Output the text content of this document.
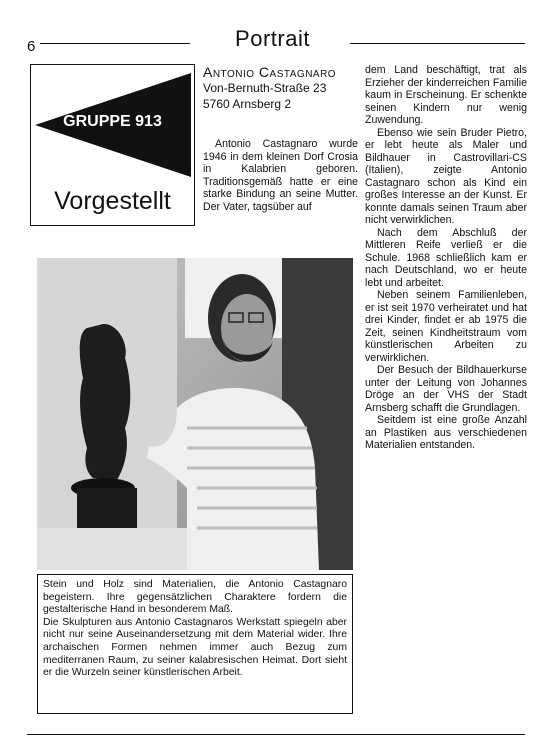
6	Portrait
GRUPPE 913
Vorgestellt
Antonio Castagnaro
Von-Bernuth-Straße 23
5760 Arnsberg 2

Antonio Castagnaro wurde 1946 in dem kleinen Dorf Crosia in Kalabrien geboren. Traditionsgemäß hatte er eine starke Bindung an seine Mutter. Der Vater, tagsüber auf

dem Land beschäftigt, trat als Erzieher der kinderreichen Familie kaum in Erscheinung. Er schenkte seinen Kindern nur wenig Zuwendung.

Ebenso wie sein Bruder Pietro, er lebt heute als Maler und Bildhauer in Castrovillari-CS (Italien), zeigte Antonio Castagnaro schon als Kind ein großes Interesse an der Kunst. Er konnte damals seinen Traum aber nicht verwirklichen.

Nach dem Abschluß der Mittleren Reife verließ er die Schule. 1968 schließlich kam er nach Deutschland, wo er heute lebt und arbeitet.

Neben seinem Familienleben, er ist seit 1970 verheiratet und hat drei Kinder, findet er ab 1975 die Zeit, seinen Kindheitstraum vom künstlerischen Arbeiten zu verwirklichen.

Der Besuch der Bildhauerkurse unter der Leitung von Johannes Dröge an der VHS der Stadt Arnsberg schafft die Grundlagen.

Seitdem ist eine große Anzahl an Plastiken aus verschiedenen Materialien entstanden.

Stein und Holz sind Materialien, die Antonio Castagnaro begeistern. Ihre gegensätzlichen Charaktere fordern die gestalterische Hand in besonderem Maß.

Die Skulpturen aus Antonio Castagnaros Werkstatt spiegeln aber nicht nur seine Auseinandersetzung mit dem Material wider. Ihre archaischen Formen nehmen immer auch Bezug zum mediterranen Raum, zu seiner kalabresischen Heimat. Dort sieht er die Wurzeln seiner künstlerischen Arbeit.
